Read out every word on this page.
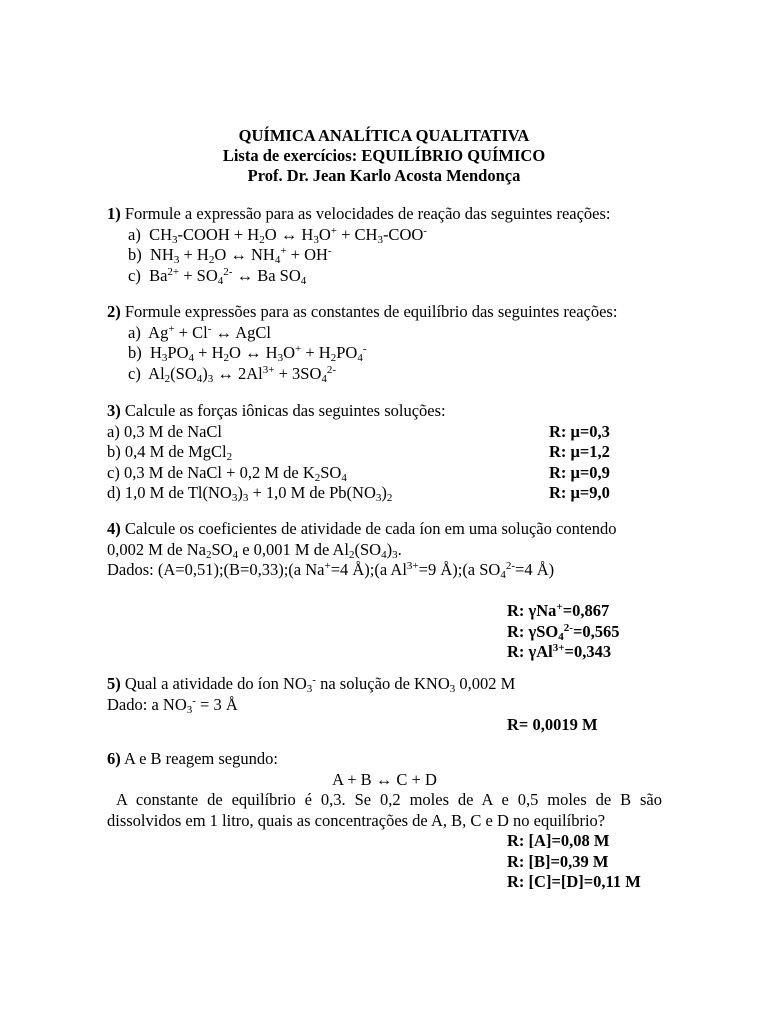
QUÍMICA ANALÍTICA QUALITATIVA
Lista de exercícios: EQUILÍBRIO QUÍMICO
Prof. Dr. Jean Karlo Acosta Mendonça
1) Formule a expressão para as velocidades de reação das seguintes reações:
a)  $CH_3$-COOH + $H_2O$ ↔ $H_3O^+ + CH_3-COO^-$
b)  $NH_3 + H_2O$ ↔ $NH_4^+ + OH^-$
c)  $Ba^{2+} + SO_4^{2-}$ ↔ Ba $SO_4$
2) Formule expressões para as constantes de equilíbrio das seguintes reações:
a)  Ag+ + Cl- ↔ AgCl
b)  $H_3PO_4 + H_2O$ ↔ $H_3O^+ + H_2PO_4^-$
c)  $Al_2(SO_4)_3$ ↔ $2Al^{3+} + 3SO_4^{2-}$
3) Calcule as forças iônicas das seguintes soluções:
a) 0,3 M de NaCl	R: μ=0,3
b) 0,4 M de MgCl$_2$	R: μ=1,2
c) 0,3 M de NaCl + 0,2 M de $K_2SO_4$	R: μ=0,9
d) 1,0 M de $Tl(NO_3)_3 + 1,0$ M de $Pb(NO_3)_2$	R: μ=9,0
4) Calcule os coeficientes de atividade de cada íon em uma solução contendo
0,002 M de $Na_2SO_4$ e 0,001 M de $Al_2(SO_4)_3$.
Dados: (A=0,51);(B=0,33);(a Na+=4 Å);(a $Al^{3+}=9$ Å);(a $SO_4^{2-}=4$ Å)
R: γNa+=0,867
R: γSO$_4^{2-}$=0,565
R: γAl$^{3+}$=0,343
5) Qual a atividade do íon $NO_3^-$ na solução de $KNO_3$ 0,002 M
Dado: a $NO_3^- = 3$ Å
R= 0,0019 M
6) A e B reagem segundo:
A + B ↔ C + D
A constante de equilíbrio é 0,3. Se 0,2 moles de A e 0,5 moles de B são
dissolvidos em 1 litro, quais as concentrações de A, B, C e D no equilíbrio?
R: [A]=0,08 M
R: [B]=0,39 M
R: [C]=[D]=0,11 M
